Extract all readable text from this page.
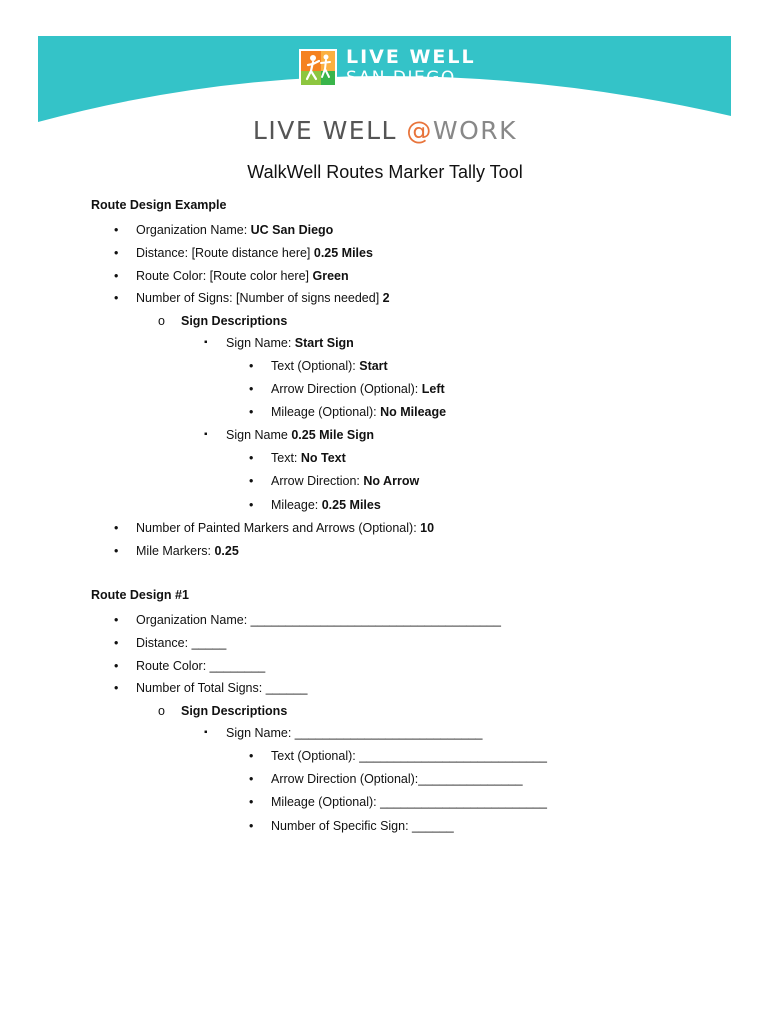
LIVE WELL
SAN DIEGO
LIVE WELL @WORK
WalkWell Routes Marker Tally Tool
Route Design Example
• Organization Name: UC San Diego
• Distance: [Route distance here] 0.25 Miles
• Route Color: [Route color here] Green
• Number of Signs: [Number of signs needed] 2
o Sign Descriptions
▪ Sign Name: Start Sign
• Text (Optional): Start
• Arrow Direction (Optional): Left
• Mileage (Optional): No Mileage
▪ Sign Name 0.25 Mile Sign
• Text: No Text
• Arrow Direction: No Arrow
• Mileage: 0.25 Miles
• Number of Painted Markers and Arrows (Optional): 10
• Mile Markers: 0.25
Route Design #1
• Organization Name: ____________________________________
• Distance: _____
• Route Color: ________
• Number of Total Signs: ______
o Sign Descriptions
▪ Sign Name: ___________________________
• Text (Optional): ___________________________
• Arrow Direction (Optional):_______________
• Mileage (Optional): ________________________
• Number of Specific Sign: ______
